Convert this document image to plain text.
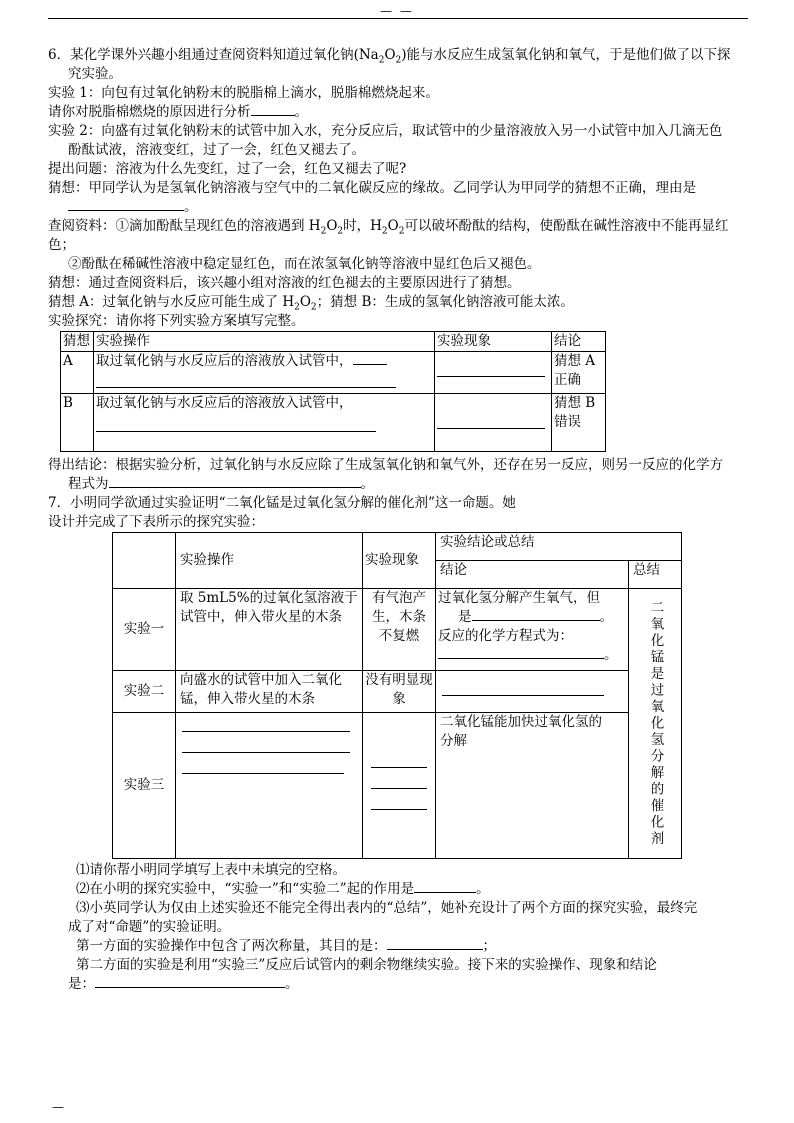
— —

6．某化学课外兴趣小组通过查阅资料知道过氧化钠$(Na_2O_2)$能与水反应生成氢氧化钠和氧气，于是他们做了以下探

究实验。

实验 1：向包有过氧化钠粉末的脱脂棉上滴水，脱脂棉燃烧起来。

请你对脱脂棉燃烧的原因进行分析	。

实验 2：向盛有过氧化钠粉末的试管中加入水，充分反应后，取试管中的少量溶液放入另一小试管中加入几滴无色

酚酞试液，溶液变红，过了一会，红色又褪去了。

提出问题：溶液为什么先变红，过了一会，红色又褪去了呢?

猜想：甲同学认为是氢氧化钠溶液与空气中的二氧化碳反应的缘故。乙同学认为甲同学的猜想不正确，理由是

。

查阅资料：①滴加酚酞呈现红色的溶液遇到 $H_2O_2$时，$H_2O_2$可以破坏酚酞的结构，使酚酞在碱性溶液中不能再显红色；

②酚酞在稀碱性溶液中稳定显红色，而在浓氢氧化钠等溶液中显红色后又褪色。

猜想：通过查阅资料后，该兴趣小组对溶液的红色褪去的主要原因进行了猜想。

猜想 A：过氧化钠与水反应可能生成了 $H_2O_2$；猜想 B：生成的氢氧化钠溶液可能太浓。

实验探究：请你将下列实验方案填写完整。

猜想	实验操作	实验现象	结论
A	取过氧化钠与水反应后的溶液放入试管中，		猜想 A 正确
B	取过氧化钠与水反应后的溶液放入试管中，		猜想 B 错误

得出结论：根据实验分析，过氧化钠与水反应除了生成氢氧化钠和氧气外，还存在另一反应，则另一反应的化学方

程式为	。

7．小明同学欲通过实验证明“二氧化锰是过氧化氢分解的催化剂”这一命题。她

设计并完成了下表所示的探究实验：

	实验操作	实验现象	实验结论或总结	
			结论	总结
实验一	取 5mL5%的过氧化氢溶液于试管中，伸入带火星的木条	有气泡产生，木条 不复燃	过氧化氢分解产生氧气，但
是 。
反应的化学方程式为：
。	二氧化锰是过氧化氢分解的催化剂

实验二	向盛水的试管中加入二氧化锰，伸入带火星的木条	没有明显现象		

实验三			二氧化锰能加快过氧化氢的分解	

⑴请你帮小明同学填写上表中未填完的空格。

⑵在小明的探究实验中，“实验一”和“实验二”起的作用是	。

⑶小英同学认为仅由上述实验还不能完全得出表内的“总结”，她补充设计了两个方面的探究实验，最终完

成了对“命题”的实验证明。

第一方面的实验操作中包含了两次称量，其目的是：	；

第二方面的实验是利用“实验三”反应后试管内的剩余物继续实验。接下来的实验操作、现象和结论

是：	。

—
